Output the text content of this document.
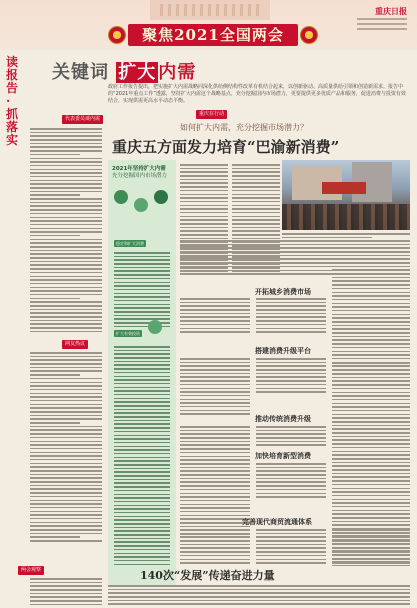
聚焦2021全国两会
重庆日报
读
报
告
·
抓
落
实
代表委员谈内需
网友热议
两会观察
关键词 扩大 内需
政府工作报告提出，把实施扩大内需战略同深化供给侧结构性改革有机结合起来，以创新驱动、高质量供给引领和创造新需求。报告中的“2021年重点工作”透露，坚持扩大内需这个战略基点，充分挖掘国内市场潜力，更要提供更多优质产品和服务，促进消费与投资有效结合，实现供需更高水平动态平衡。
重庆在行动
如何扩大内需，充分挖掘市场潜力？
重庆五方面发力培育“巴渝新消费”
2021年坚持扩大内需
充分挖掘国内市场潜力
稳定和扩大消费
扩大有效投资
开拓城乡消费市场
搭建消费升级平台
推动传统消费升级
加快培育新型消费
完善现代商贸流通体系
140次“发展”传递奋进力量
